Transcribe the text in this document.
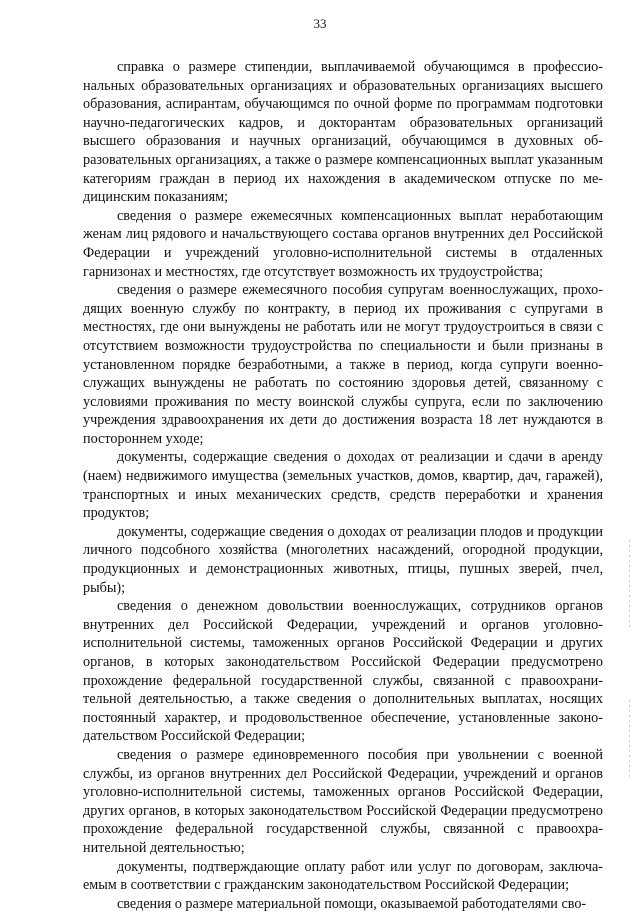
33

справка о размере стипендии, выплачиваемой обучающимся в профессиональных образовательных организациях и образовательных организациях высшего образования, аспирантам, обучающимся по очной форме по программам подготовки научно-педагогических кадров, и докторантам образовательных организаций высшего образования и научных организаций, обучающимся в духовных образовательных организациях, а также о размере компенсационных выплат указанным категориям граждан в период их нахождения в академическом отпуске по медицинским показаниям;

сведения о размере ежемесячных компенсационных выплат неработающим женам лиц рядового и начальствующего состава органов внутренних дел Российской Федерации и учреждений уголовно-исполнительной системы в отдаленных гарнизонах и местностях, где отсутствует возможность их трудоустройства;

сведения о размере ежемесячного пособия супругам военнослужащих, проходящих военную службу по контракту, в период их проживания с супругами в местностях, где они вынуждены не работать или не могут трудоустроиться в связи с отсутствием возможности трудоустройства по специальности и были признаны в установленном порядке безработными, а также в период, когда супруги военнослужащих вынуждены не работать по состоянию здоровья детей, связанному с условиями проживания по месту воинской службы супруга, если по заключению учреждения здравоохранения их дети до достижения возраста 18 лет нуждаются в постороннем уходе;

документы, содержащие сведения о доходах от реализации и сдачи в аренду (наем) недвижимого имущества (земельных участков, домов, квартир, дач, гаражей), транспортных и иных механических средств, средств переработки и хранения продуктов;

документы, содержащие сведения о доходах от реализации плодов и продукции личного подсобного хозяйства (многолетних насаждений, огородной продукции, продукционных и демонстрационных животных, птицы, пушных зверей, пчел, рыбы);

сведения о денежном довольствии военнослужащих, сотрудников органов внутренних дел Российской Федерации, учреждений и органов уголовно-исполнительной системы, таможенных органов Российской Федерации и других органов, в которых законодательством Российской Федерации предусмотрено прохождение федеральной государственной службы, связанной с правоохранительной деятельностью, а также сведения о дополнительных выплатах, носящих постоянный характер, и продовольственное обеспечение, установленные законодательством Российской Федерации;

сведения о размере единовременного пособия при увольнении с военной службы, из органов внутренних дел Российской Федерации, учреждений и органов уголовно-исполнительной системы, таможенных органов Российской Федерации, других органов, в которых законодательством Российской Федерации предусмотрено прохождение федеральной государственной службы, связанной с правоохранительной деятельностью;

документы, подтверждающие оплату работ или услуг по договорам, заключаемым в соответствии с гражданским законодательством Российской Федерации;

сведения о размере материальной помощи, оказываемой работодателями сво-
